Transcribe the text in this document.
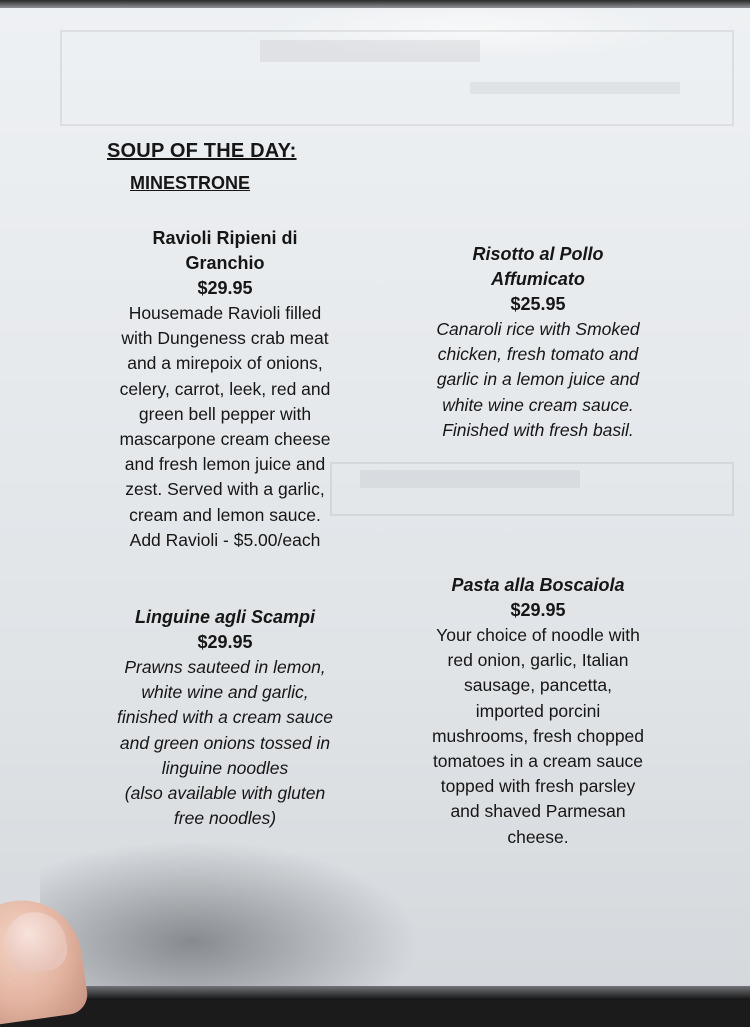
SOUP OF THE DAY:
MINESTRONE
Ravioli Ripieni di
Granchio
$29.95
Housemade Ravioli filled
with Dungeness crab meat
and a mirepoix of onions,
celery, carrot, leek, red and
green bell pepper with
mascarpone cream cheese
and fresh lemon juice and
zest. Served with a garlic,
cream and lemon sauce.
Add Ravioli - $5.00/each
Risotto al Pollo
Affumicato
$25.95
Canaroli rice with Smoked
chicken, fresh tomato and
garlic in a lemon juice and
white wine cream sauce.
Finished with fresh basil.
Linguine agli Scampi
$29.95
Prawns sauteed in lemon,
white wine and garlic,
finished with a cream sauce
and green onions tossed in
linguine noodles
(also available with gluten
free noodles)
Pasta alla Boscaiola
$29.95
Your choice of noodle with
red onion, garlic, Italian
sausage, pancetta,
imported porcini
mushrooms, fresh chopped
tomatoes in a cream sauce
topped with fresh parsley
and shaved Parmesan
cheese.
